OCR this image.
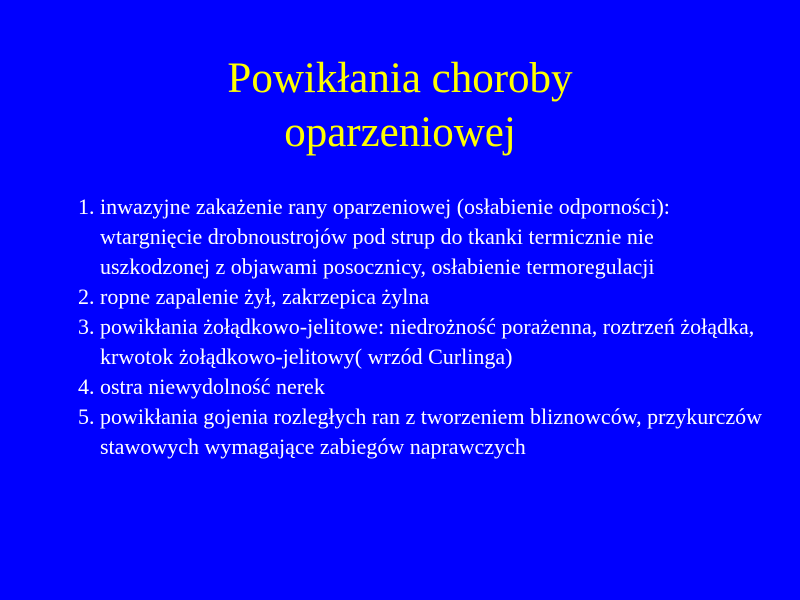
Powikłania choroby
oparzeniowej
1. inwazyjne zakażenie rany oparzeniowej (osłabienie odporności): wtargnięcie drobnoustrojów pod strup do tkanki termicznie nie uszkodzonej z objawami posocznicy, osłabienie termoregulacji
2. ropne zapalenie żył, zakrzepica żylna
3. powikłania żołądkowo-jelitowe: niedrożność porażenna, roztrzeń żołądka, krwotok żołądkowo-jelitowy( wrzód Curlinga)
4. ostra niewydolność nerek
5. powikłania gojenia rozległych ran z tworzeniem bliznowców, przykurczów stawowych wymagające zabiegów naprawczych
